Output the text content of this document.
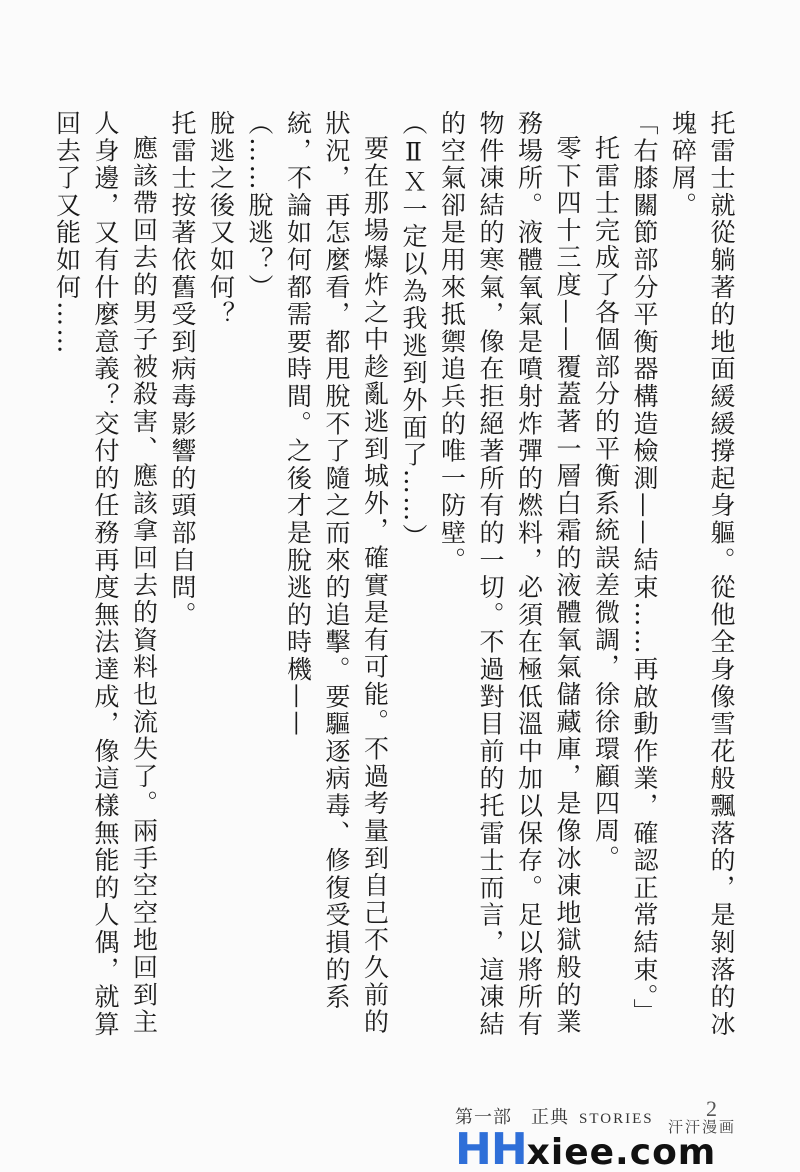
托雷士就從躺著的地面緩緩撐起身軀。從他全身像雪花般飄落的，是剝落的冰塊碎屑。

「右膝關節部分平衡器構造檢測——結束……再啟動作業，確認正常結束。」

托雷士完成了各個部分的平衡系統誤差微調，徐徐環顧四周。

零下四十三度——覆蓋著一層白霜的液體氧氣儲藏庫，是像冰凍地獄般的業務場所。液體氧氣是噴射炸彈的燃料，必須在極低溫中加以保存。足以將所有物件凍結的寒氣，像在拒絕著所有的一切。不過對目前的托雷士而言，這凍結的空氣卻是用來抵禦追兵的唯一防壁。

（ⅡＸ一定以為我逃到外面了……）

要在那場爆炸之中趁亂逃到城外，確實是有可能。不過考量到自己不久前的狀況，再怎麼看，都甩脫不了隨之而來的追擊。要驅逐病毒、修復受損的系統，不論如何都需要時間。之後才是脫逃的時機——

（……脫逃？）

脫逃之後又如何？

托雷士按著依舊受到病毒影響的頭部自問。

應該帶回去的男子被殺害、應該拿回去的資料也流失了。兩手空空地回到主人身邊，又有什麼意義？交付的任務再度無法達成，像這樣無能的人偶，就算回去了又能如何……

第一部　正典 STORIES 2
汗汗漫画
HHxiee.com
